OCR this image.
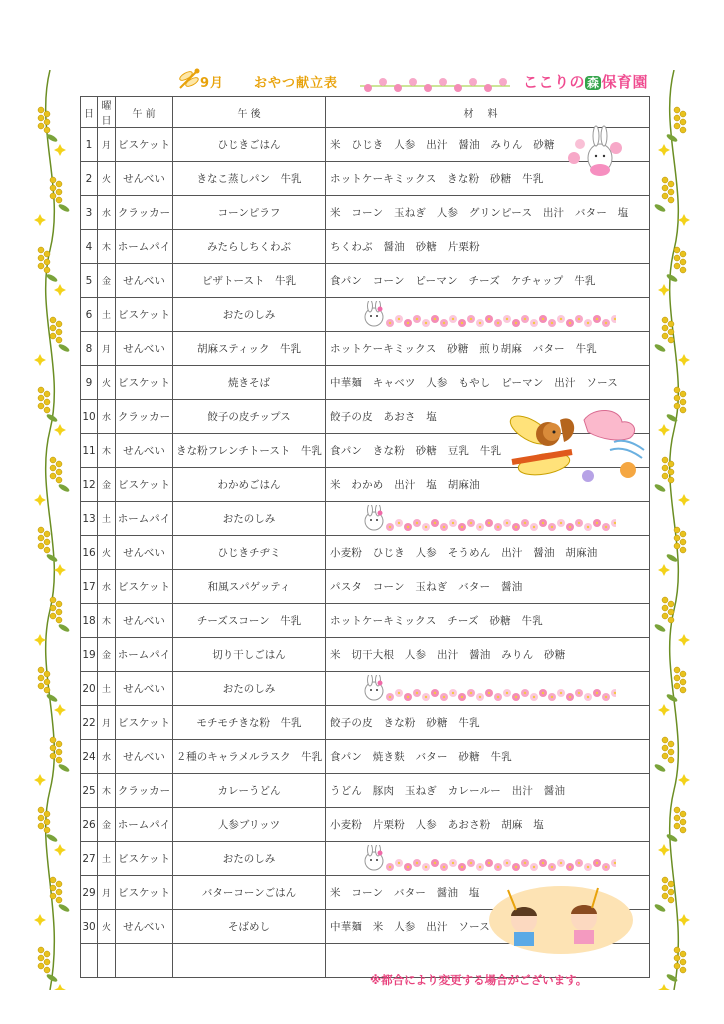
9月 おやつ献立表	ここりの 森 保育園
日	曜日	午 前	午 後	材料
1	月	ビスケット	ひじきごはん	米　ひじき　人参　出汁　醤油　みりん　砂糖
2	火	せんべい	きなこ蒸しパン　牛乳	ホットケーキミックス　きな粉　砂糖　牛乳
3	水	クラッカー	コーンピラフ	米　コーン　玉ねぎ　人参　グリンピース　出汁　バター　塩
4	木	ホームパイ	みたらしちくわぶ	ちくわぶ　醤油　砂糖　片栗粉
5	金	せんべい	ピザトースト　牛乳	食パン　コーン　ピーマン　チーズ　ケチャップ　牛乳
6	土	ビスケット	おたのしみ	

8	月	せんべい	胡麻スティック　牛乳	ホットケーキミックス　砂糖　煎り胡麻　バター　牛乳
9	火	ビスケット	焼きそば	中華麺　キャベツ　人参　もやし　ピーマン　出汁　ソース
10	水	クラッカー	餃子の皮チップス	餃子の皮　あおさ　塩
11	木	せんべい	きな粉フレンチトースト　牛乳	食パン　きな粉　砂糖　豆乳　牛乳
12	金	ビスケット	わかめごはん	米　わかめ　出汁　塩　胡麻油
13	土	ホームパイ	おたのしみ	

16	火	せんべい	ひじきチヂミ	小麦粉　ひじき　人参　そうめん　出汁　醤油　胡麻油
17	水	ビスケット	和風スパゲッティ	パスタ　コーン　玉ねぎ　バター　醤油
18	木	せんべい	チーズスコーン　牛乳	ホットケーキミックス　チーズ　砂糖　牛乳
19	金	ホームパイ	切り干しごはん	米　切干大根　人参　出汁　醤油　みりん　砂糖
20	土	せんべい	おたのしみ	

22	月	ビスケット	モチモチきな粉　牛乳	餃子の皮　きな粉　砂糖　牛乳
24	水	せんべい	２種のキャラメルラスク　牛乳	食パン　焼き麩　バター　砂糖　牛乳
25	木	クラッカー	カレーうどん	うどん　豚肉　玉ねぎ　カレールー　出汁　醤油
26	金	ホームパイ	人参ブリッツ	小麦粉　片栗粉　人参　あおさ粉　胡麻　塩
27	土	ビスケット	おたのしみ	

29	月	ビスケット	バターコーンごはん	米　コーン　バター　醤油　塩
30	火	せんべい	そばめし	中華麺　米　人参　出汁　ソース

※都合により変更する場合がございます。
